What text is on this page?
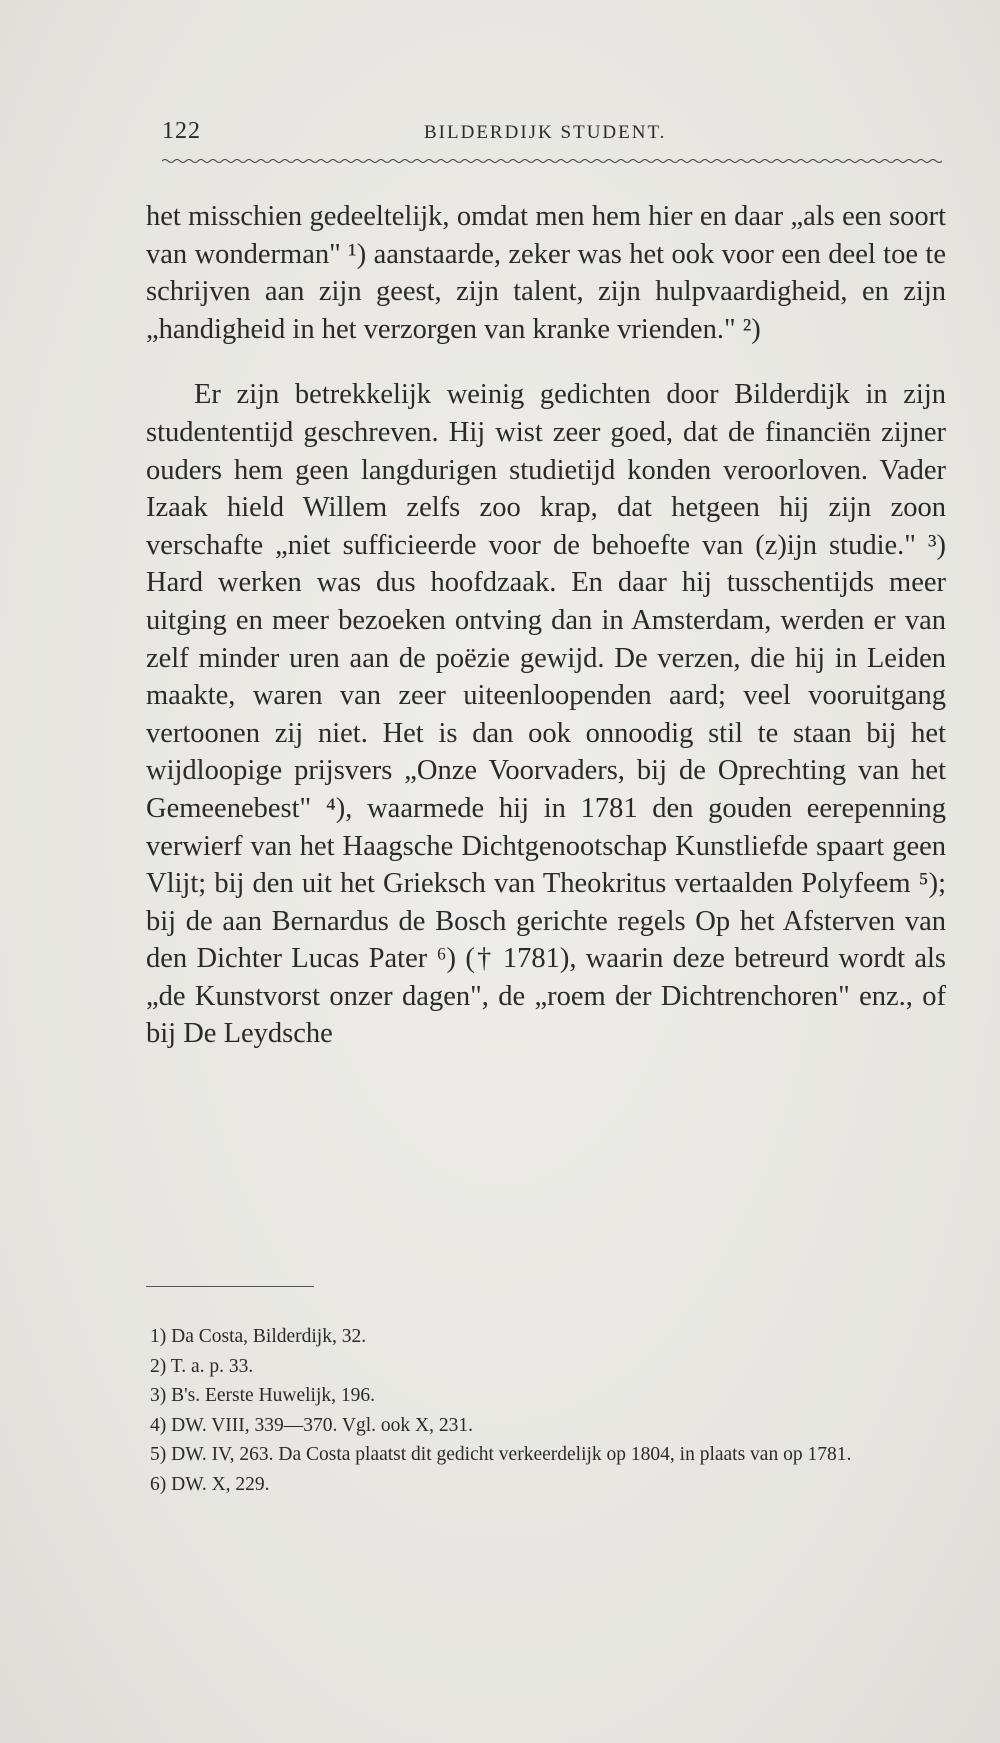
122	BILDERDIJK STUDENT.

het misschien gedeeltelijk, omdat men hem hier en daar „als een soort van wonderman" ¹) aanstaarde, zeker was het ook voor een deel toe te schrijven aan zijn geest, zijn talent, zijn hulpvaardigheid, en zijn „handigheid in het verzorgen van kranke vrienden." ²)

Er zijn betrekkelijk weinig gedichten door Bilderdijk in zijn studententijd geschreven. Hij wist zeer goed, dat de financiën zijner ouders hem geen langdurigen studietijd konden veroorloven. Vader Izaak hield Willem zelfs zoo krap, dat hetgeen hij zijn zoon verschafte „niet sufficieerde voor de behoefte van (z)ijn studie." ³) Hard werken was dus hoofdzaak. En daar hij tusschentijds meer uitging en meer bezoeken ontving dan in Amsterdam, werden er van zelf minder uren aan de poëzie gewijd. De verzen, die hij in Leiden maakte, waren van zeer uiteenloopenden aard; veel vooruitgang vertoonen zij niet. Het is dan ook onnoodig stil te staan bij het wijdloopige prijsvers „Onze Voorvaders, bij de Oprechting van het Gemeenebest" ⁴), waarmede hij in 1781 den gouden eerepenning verwierf van het Haagsche Dichtgenootschap Kunstliefde spaart geen Vlijt; bij den uit het Grieksch van Theokritus vertaalden Polyfeem ⁵); bij de aan Bernardus de Bosch gerichte regels Op het Afsterven van den Dichter Lucas Pater ⁶) († 1781), waarin deze betreurd wordt als „de Kunstvorst onzer dagen", de „roem der Dichtrenchoren" enz., of bij De Leydsche

1) Da Costa, Bilderdijk, 32.

2) T. a. p. 33.

3) B's. Eerste Huwelijk, 196.

4) DW. VIII, 339—370. Vgl. ook X, 231.

5) DW. IV, 263. Da Costa plaatst dit gedicht verkeerdelijk op 1804, in plaats van op 1781.

6) DW. X, 229.
